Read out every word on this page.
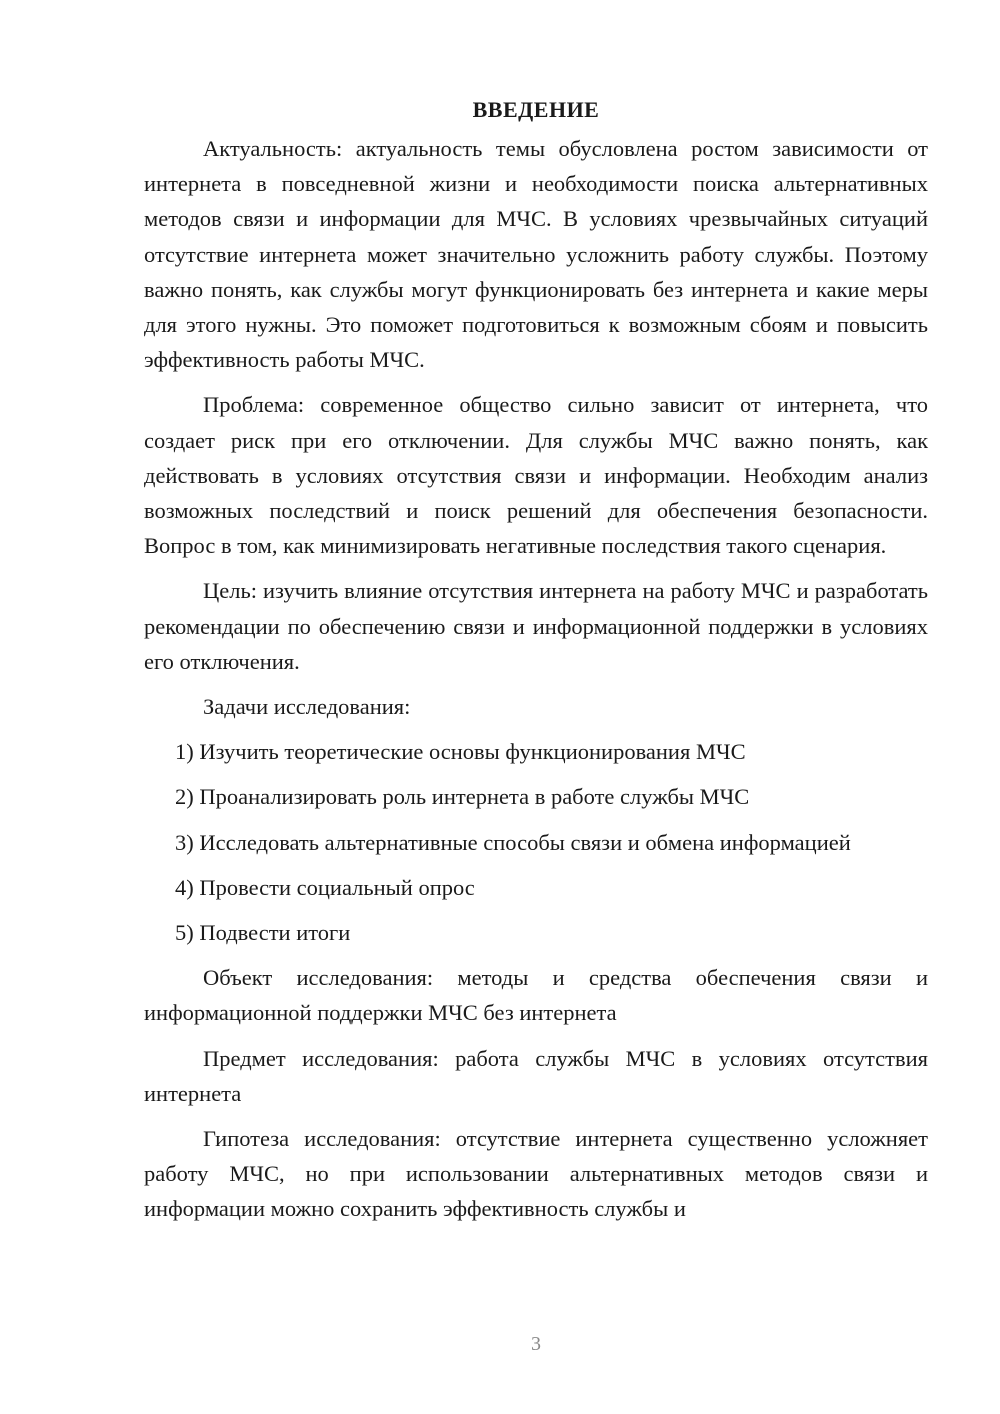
ВВЕДЕНИЕ

Актуальность: актуальность темы обусловлена ростом зависимости от интернета в повседневной жизни и необходимости поиска альтернативных методов связи и информации для МЧС. В условиях чрезвычайных ситуаций отсутствие интернета может значительно усложнить работу службы. Поэтому важно понять, как службы могут функционировать без интернета и какие меры для этого нужны. Это поможет подготовиться к возможным сбоям и повысить эффективность работы МЧС.

Проблема: современное общество сильно зависит от интернета, что создает риск при его отключении. Для службы МЧС важно понять, как действовать в условиях отсутствия связи и информации. Необходим анализ возможных последствий и поиск решений для обеспечения безопасности. Вопрос в том, как минимизировать негативные последствия такого сценария.

Цель: изучить влияние отсутствия интернета на работу МЧС и разработать рекомендации по обеспечению связи и информационной поддержки в условиях его отключения.

Задачи исследования:

1) Изучить теоретические основы функционирования МЧС
2) Проанализировать роль интернета в работе службы МЧС
3) Исследовать альтернативные способы связи и обмена информацией
4) Провести социальный опрос
5) Подвести итоги

Объект исследования: методы и средства обеспечения связи и информационной поддержки МЧС без интернета

Предмет исследования: работа службы МЧС в условиях отсутствия интернета

Гипотеза исследования: отсутствие интернета существенно усложняет работу МЧС, но при использовании альтернативных методов связи и информации можно сохранить эффективность службы и

3
